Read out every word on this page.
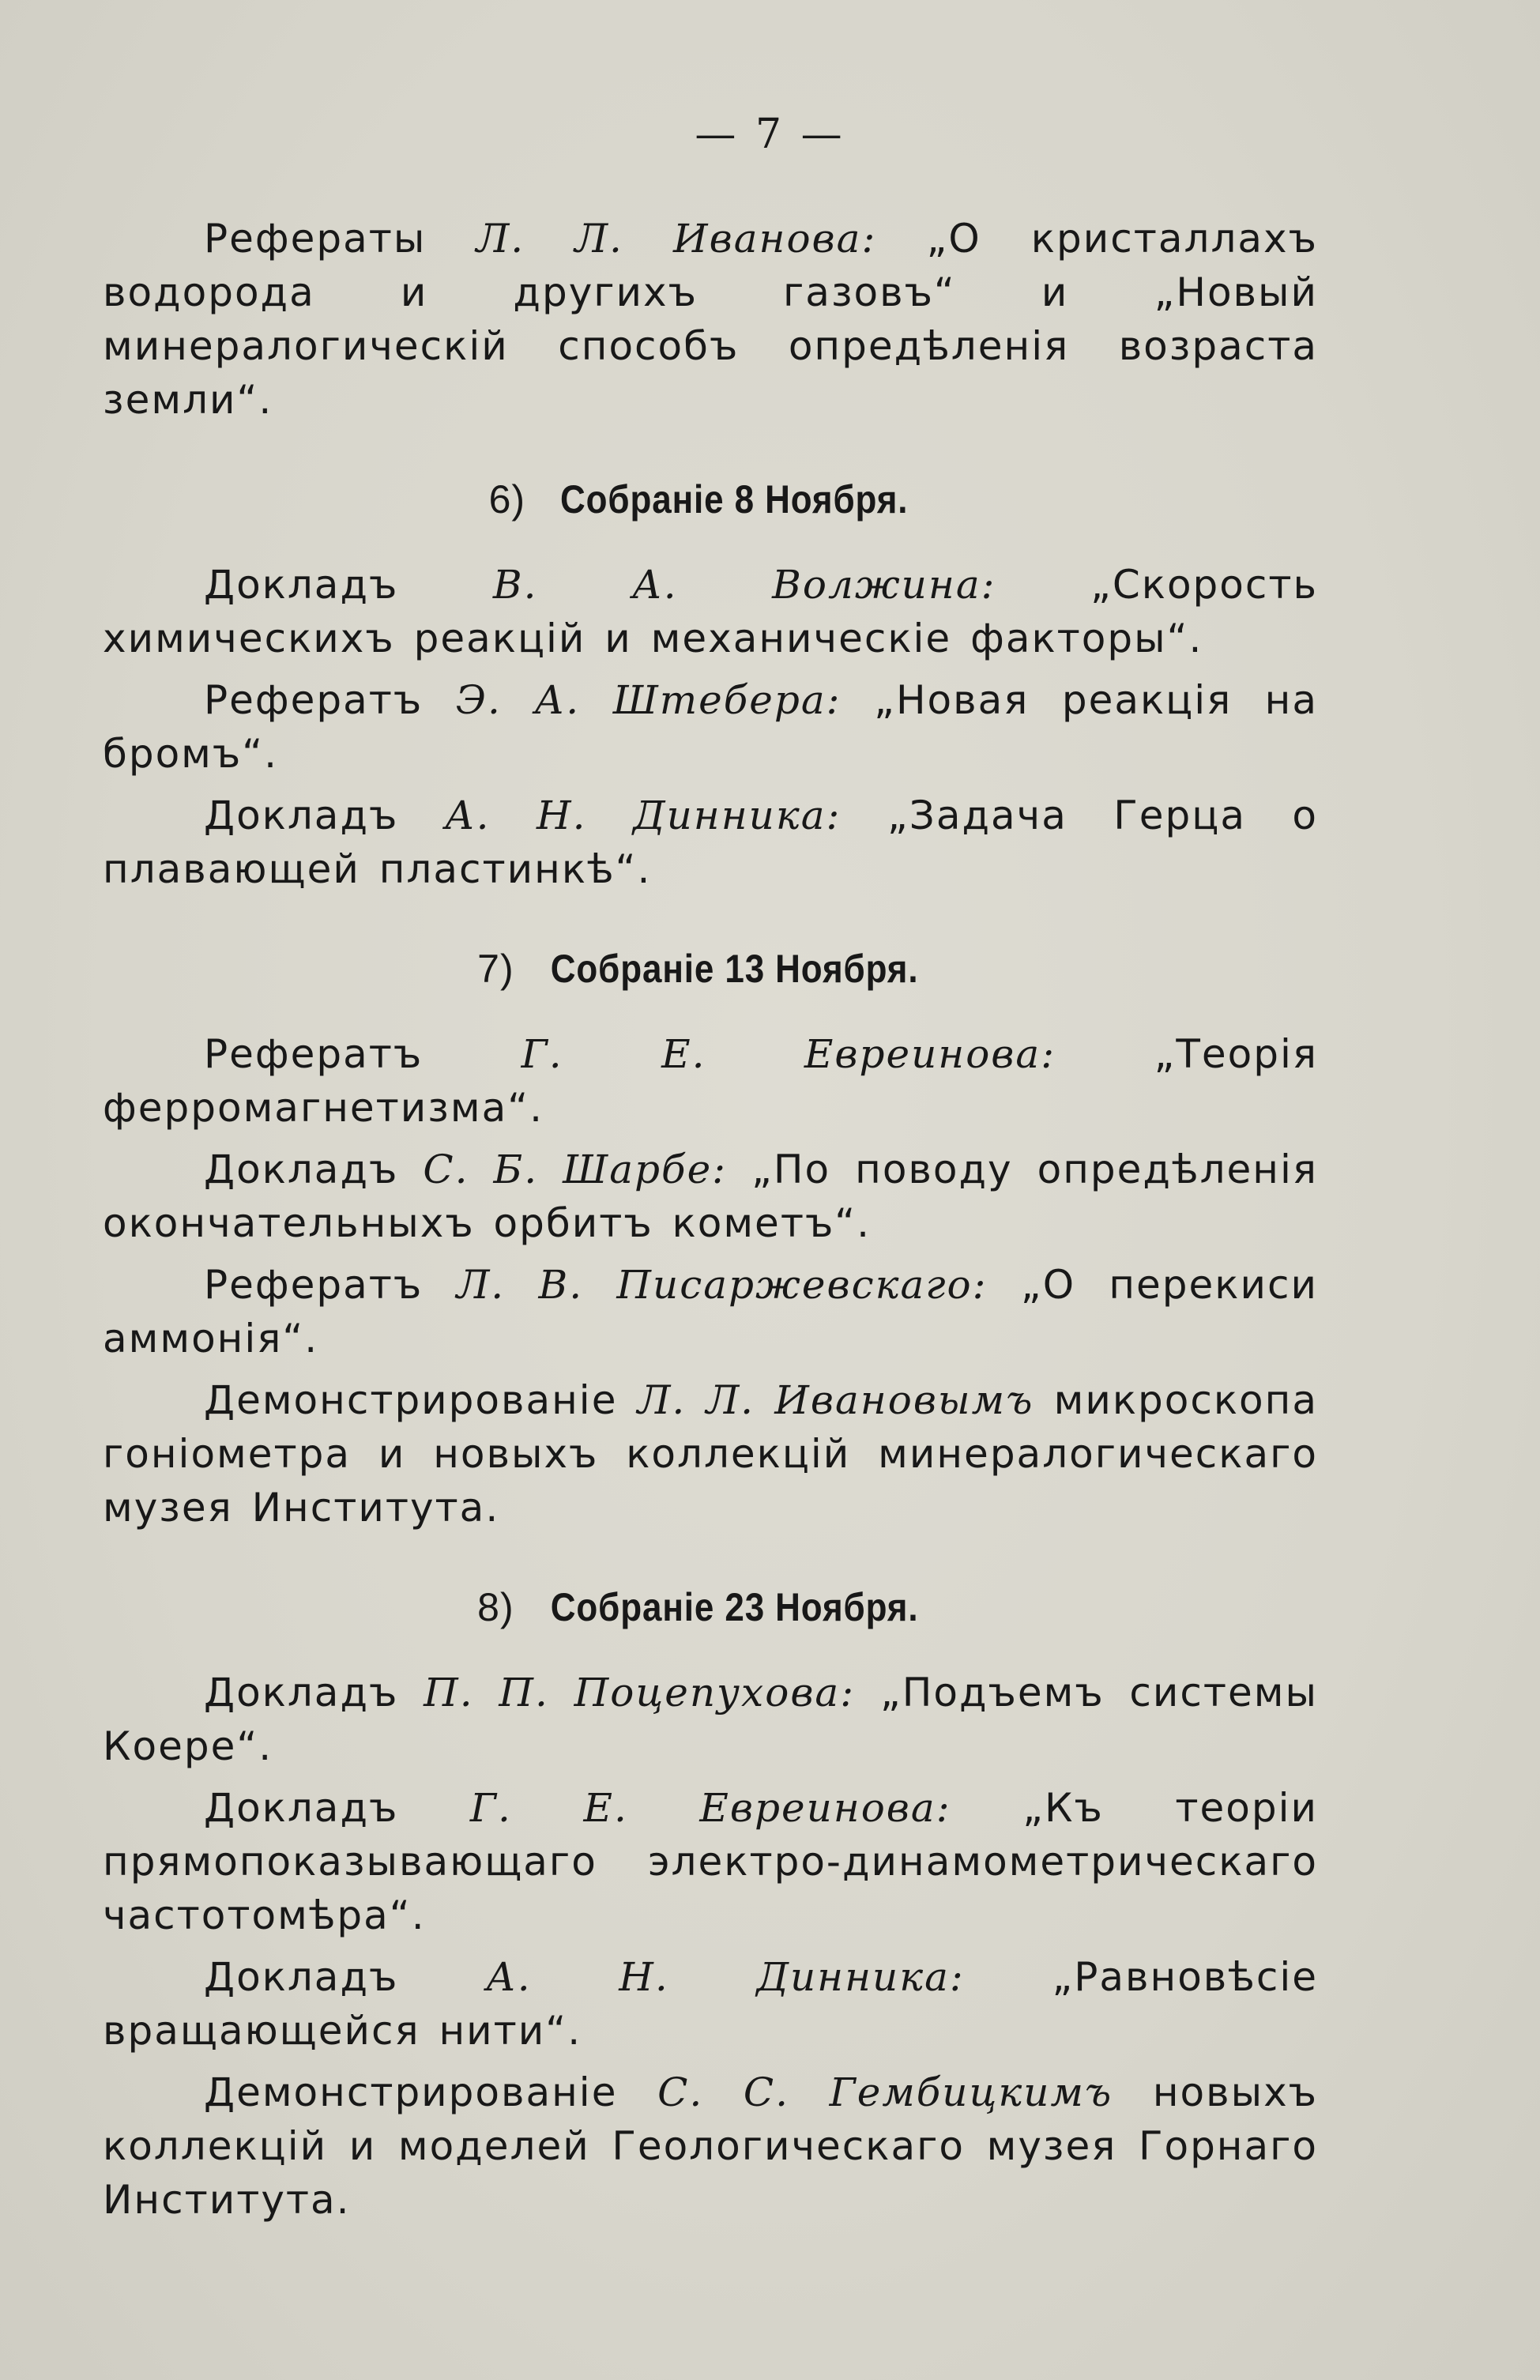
— 7 —

Рефераты Л. Л. Иванова: „О кристаллахъ водорода и другихъ газовъ“ и „Новый минералогическій способъ опредѣленія возраста земли“.

6) Собраніе 8 Ноября.

Докладъ В. А. Волжина: „Скорость химическихъ реакцій и механическіе факторы“.

Рефератъ Э. А. Штебера: „Новая реакція на бромъ“.

Докладъ А. Н. Динника: „Задача Герца о плавающей пластинкѣ“.

7) Собраніе 13 Ноября.

Рефератъ Г. Е. Евреинова: „Теорія ферромагнетизма“.

Докладъ С. Б. Шарбе: „По поводу опредѣленія окончательныхъ орбитъ кометъ“.

Рефератъ Л. В. Писаржевскаго: „О перекиси аммонія“.

Демонстрированіе Л. Л. Ивановымъ микроскопа гоніометра и новыхъ коллекцій минералогическаго музея Института.

8) Собраніе 23 Ноября.

Докладъ П. П. Поцепухова: „Подъемъ системы Коере“.

Докладъ Г. Е. Евреинова: „Къ теоріи прямопоказывающаго электро-динамометрическаго частотомѣра“.

Докладъ А. Н. Динника: „Равновѣсіе вращающейся нити“.

Демонстрированіе С. С. Гембицкимъ новыхъ коллекцій и моделей Геологическаго музея Горнаго Института.
